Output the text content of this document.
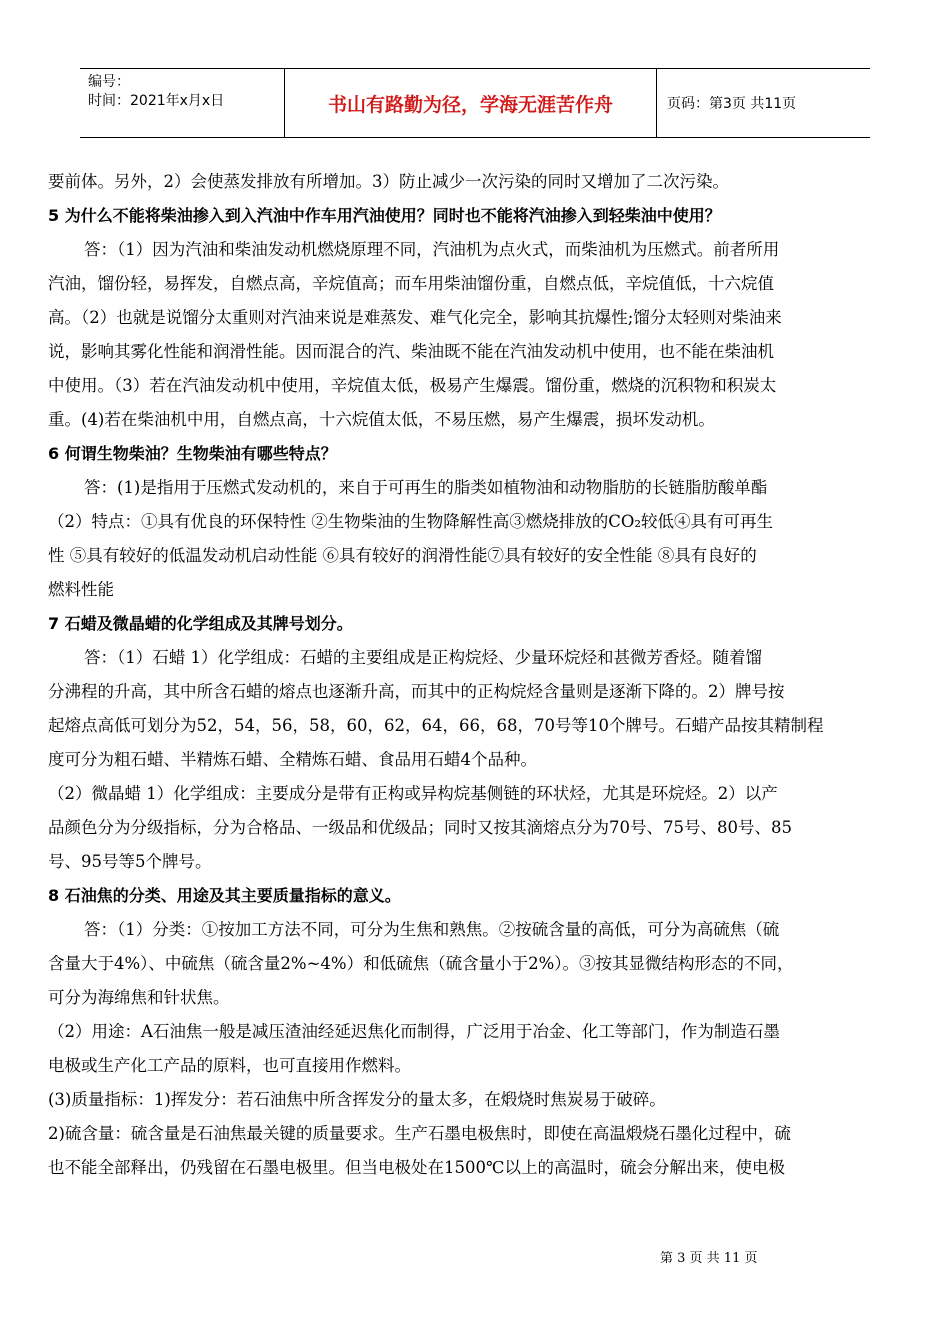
编号：
时间：2021年x月x日	书山有路勤为径，学海无涯苦作舟	页码：第3页 共11页

要前体。另外，2）会使蒸发排放有所增加。3）防止减少一次污染的同时又增加了二次污染。

5 为什么不能将柴油掺入到入汽油中作车用汽油使用？同时也不能将汽油掺入到轻柴油中使用？

答：（1）因为汽油和柴油发动机燃烧原理不同，汽油机为点火式，而柴油机为压燃式。前者所用

汽油，馏份轻，易挥发，自燃点高，辛烷值高；而车用柴油馏份重，自燃点低，辛烷值低，十六烷值

高。（2）也就是说馏分太重则对汽油来说是难蒸发、难气化完全，影响其抗爆性;馏分太轻则对柴油来

说，影响其雾化性能和润滑性能。因而混合的汽、柴油既不能在汽油发动机中使用，也不能在柴油机

中使用。（3）若在汽油发动机中使用，辛烷值太低，极易产生爆震。馏份重，燃烧的沉积物和积炭太

重。(4)若在柴油机中用，自燃点高，十六烷值太低，不易压燃，易产生爆震，损坏发动机。

6 何谓生物柴油？生物柴油有哪些特点？

答：(1)是指用于压燃式发动机的，来自于可再生的脂类如植物油和动物脂肪的长链脂肪酸单酯

（2）特点：①具有优良的环保特性 ②生物柴油的生物降解性高③燃烧排放的CO₂较低④具有可再生

性 ⑤具有较好的低温发动机启动性能 ⑥具有较好的润滑性能⑦具有较好的安全性能 ⑧具有良好的

燃料性能

7 石蜡及微晶蜡的化学组成及其牌号划分。

答：（1）石蜡 1）化学组成：石蜡的主要组成是正构烷烃、少量环烷烃和甚微芳香烃。随着馏

分沸程的升高，其中所含石蜡的熔点也逐渐升高，而其中的正构烷烃含量则是逐渐下降的。2）牌号按

起熔点高低可划分为52，54，56，58，60，62，64，66，68，70号等10个牌号。石蜡产品按其精制程

度可分为粗石蜡、半精炼石蜡、全精炼石蜡、食品用石蜡4个品种。

（2）微晶蜡 1）化学组成：主要成分是带有正构或异构烷基侧链的环状烃，尤其是环烷烃。2）以产

品颜色分为分级指标，分为合格品、一级品和优级品；同时又按其滴熔点分为70号、75号、80号、85

号、95号等5个牌号。

8 石油焦的分类、用途及其主要质量指标的意义。

答：（1）分类：①按加工方法不同，可分为生焦和熟焦。②按硫含量的高低，可分为高硫焦（硫

含量大于4%）、中硫焦（硫含量2%~4%）和低硫焦（硫含量小于2%）。③按其显微结构形态的不同，

可分为海绵焦和针状焦。

（2）用途：A石油焦一般是减压渣油经延迟焦化而制得，广泛用于冶金、化工等部门，作为制造石墨

电极或生产化工产品的原料，也可直接用作燃料。

(3)质量指标：1)挥发分：若石油焦中所含挥发分的量太多，在煅烧时焦炭易于破碎。

2)硫含量：硫含量是石油焦最关键的质量要求。生产石墨电极焦时，即使在高温煅烧石墨化过程中，硫

也不能全部释出，仍残留在石墨电极里。但当电极处在1500℃以上的高温时，硫会分解出来，使电极

第 3 页 共 11 页
